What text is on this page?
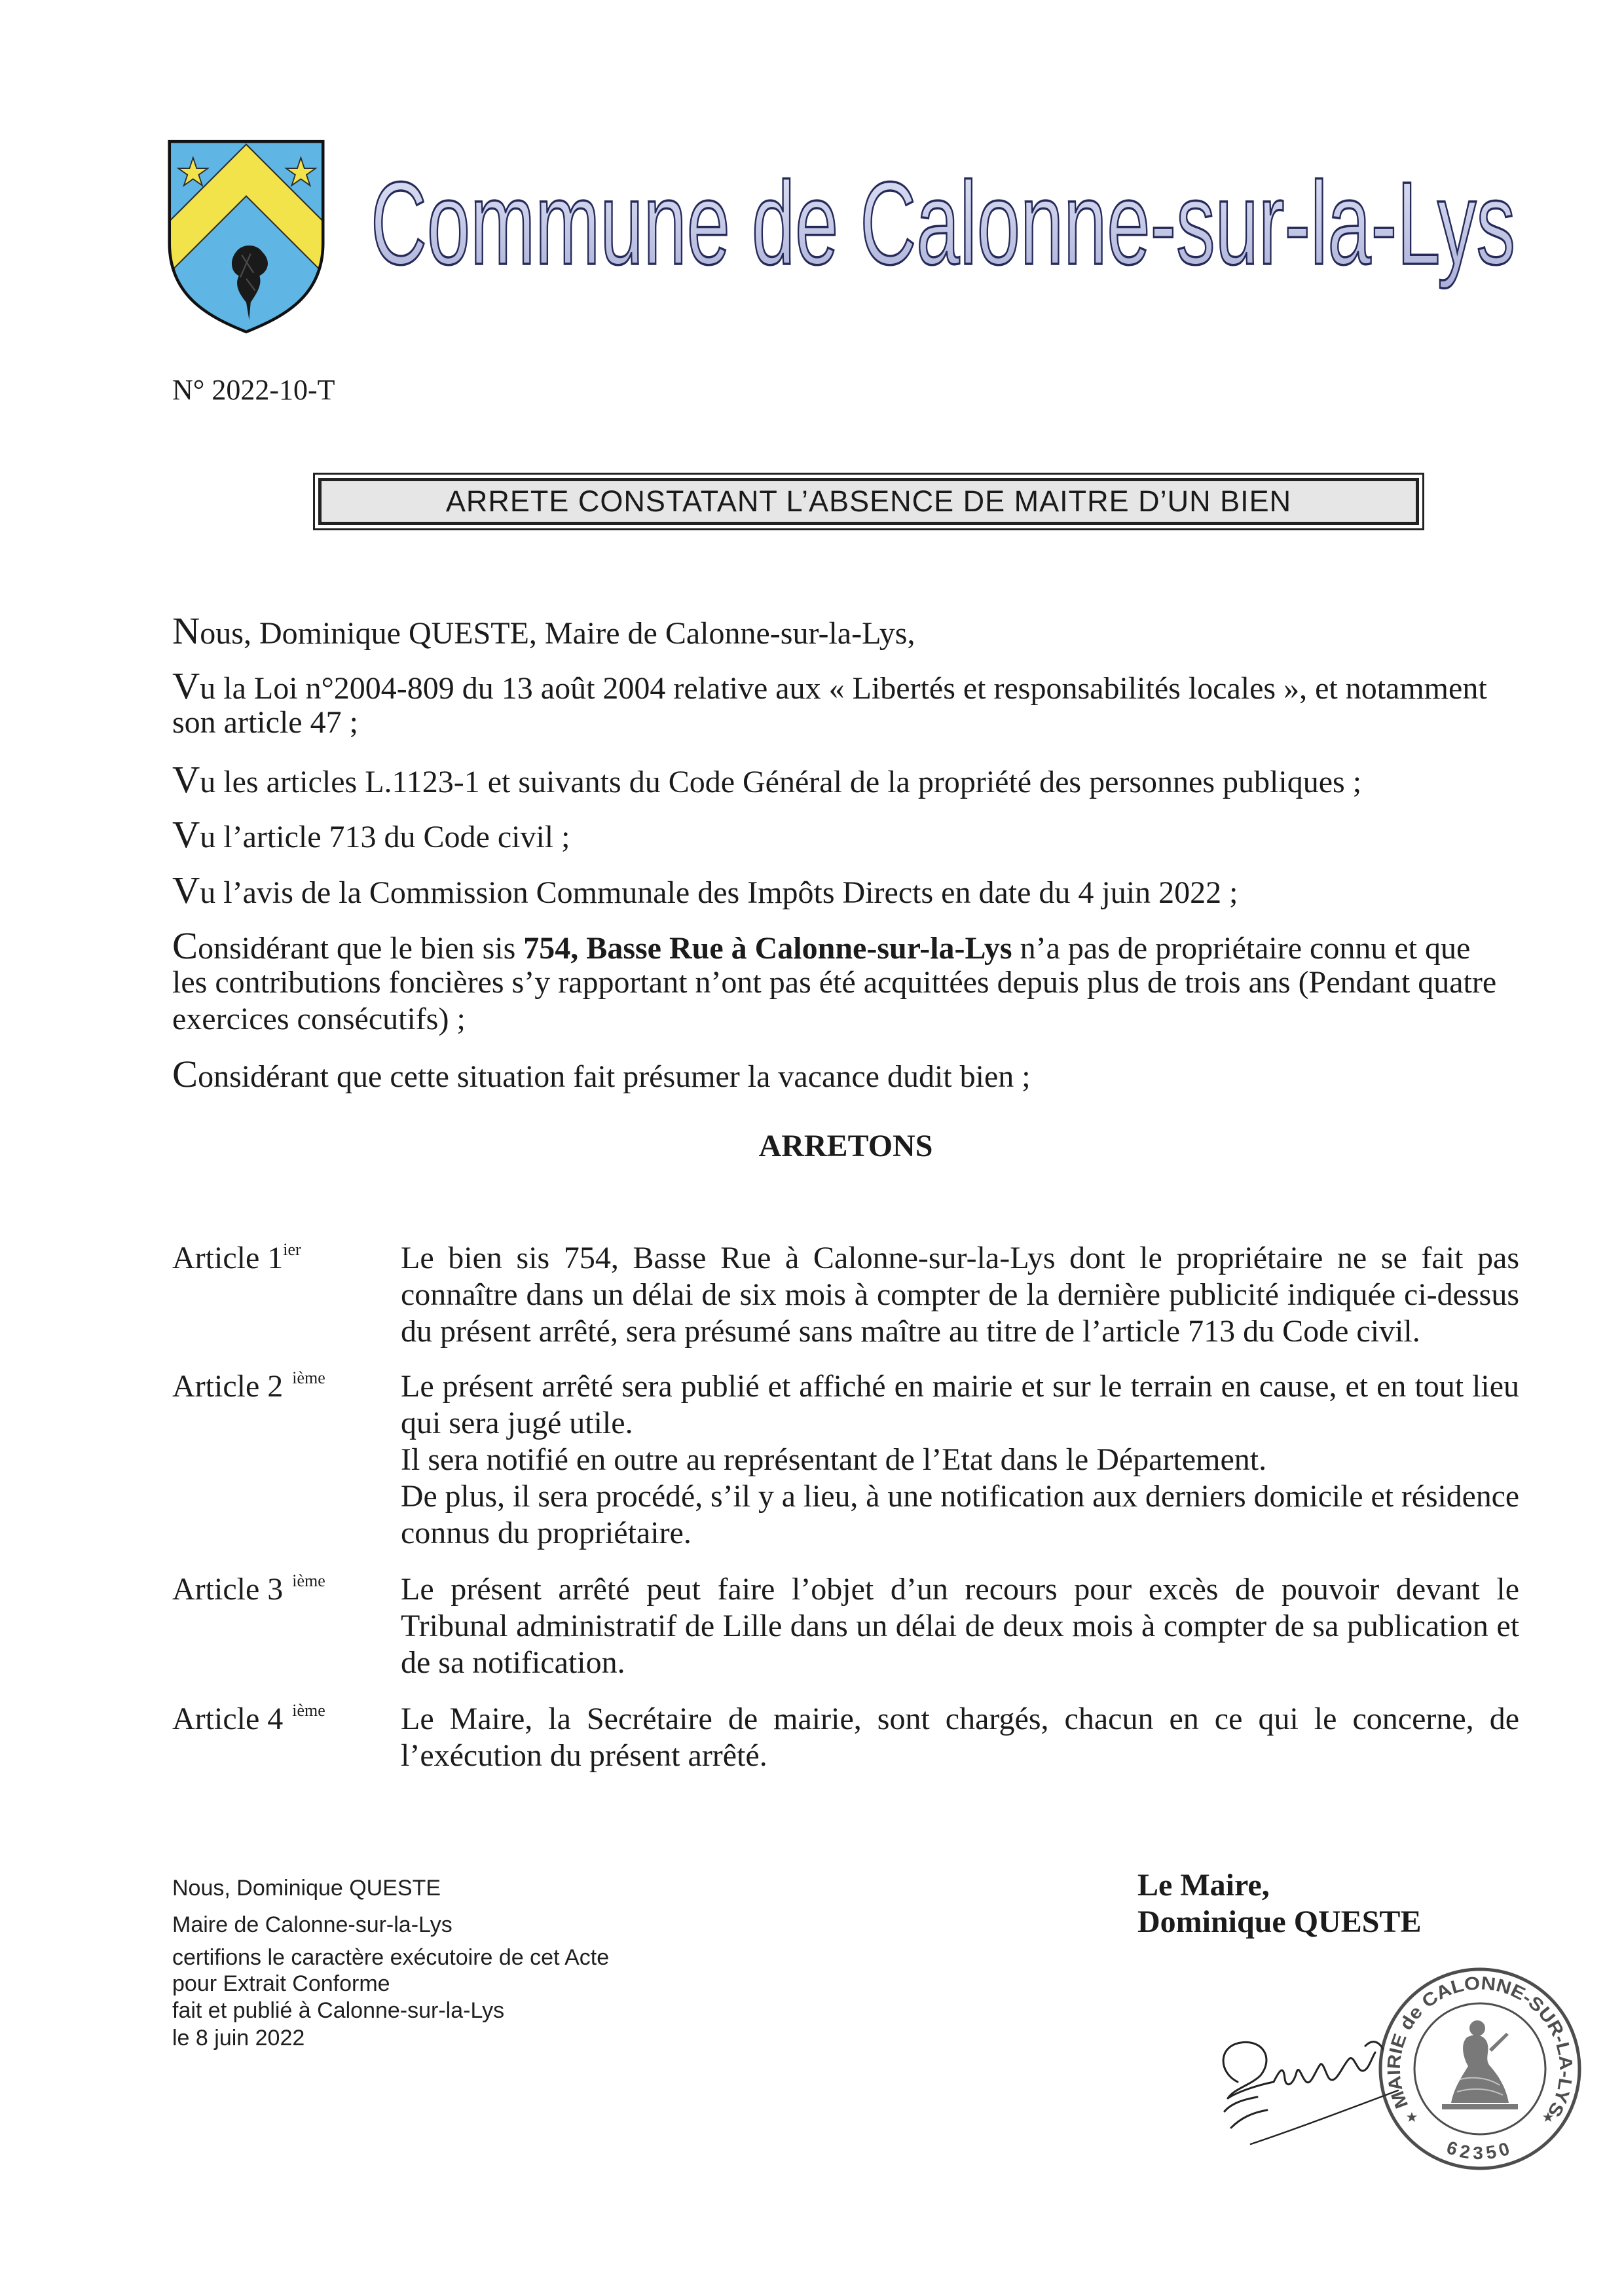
Commune de Calonne-sur-la-Lys
N° 2022-10-T
ARRETE CONSTATANT L’ABSENCE DE MAITRE D’UN BIEN
Nous, Dominique QUESTE, Maire de Calonne-sur-la-Lys,
Vu la Loi n°2004-809 du 13 août 2004 relative aux « Libertés et responsabilités locales », et notamment
son article 47 ;
Vu les articles L.1123-1 et suivants du Code Général de la propriété des personnes publiques ;
Vu l’article 713 du Code civil ;
Vu l’avis de la Commission Communale des Impôts Directs en date du 4 juin 2022 ;
Considérant que le bien sis 754, Basse Rue à Calonne-sur-la-Lys n’a pas de propriétaire connu et que
les contributions foncières s’y rapportant n’ont pas été acquittées depuis plus de trois ans (Pendant quatre
exercices consécutifs) ;
Considérant que cette situation fait présumer la vacance dudit bien ;
ARRETONS
Article $1^{ier}$	Le bien sis 754, Basse Rue à Calonne-sur-la-Lys dont le propriétaire ne se fait pas
connaître dans un délai de six mois à compter de la dernière publicité indiquée ci-dessus
du présent arrêté, sera présumé sans maître au titre de l’article 713 du Code civil.
Article 2 $^{ième}$	Le présent arrêté sera publié et affiché en mairie et sur le terrain en cause, et en tout lieu
qui sera jugé utile.
Il sera notifié en outre au représentant de l’Etat dans le Département.
De plus, il sera procédé, s’il y a lieu, à une notification aux derniers domicile et résidence
connus du propriétaire.
Article 3 $^{ième}$	Le présent arrêté peut faire l’objet d’un recours pour excès de pouvoir devant le
Tribunal administratif de Lille dans un délai de deux mois à compter de sa publication et
de sa notification.
Article 4 $^{ième}$	Le Maire, la Secrétaire de mairie, sont chargés, chacun en ce qui le concerne, de
l’exécution du présent arrêté.
Nous, Dominique QUESTE
Maire de Calonne-sur-la-Lys
certifions le caractère exécutoire de cet Acte
pour Extrait Conforme
fait et publié à Calonne-sur-la-Lys
le 8 juin 2022
Le Maire,
Dominique QUESTE
MAIRIE de CALONNE-SUR-LA-LYS
62350
